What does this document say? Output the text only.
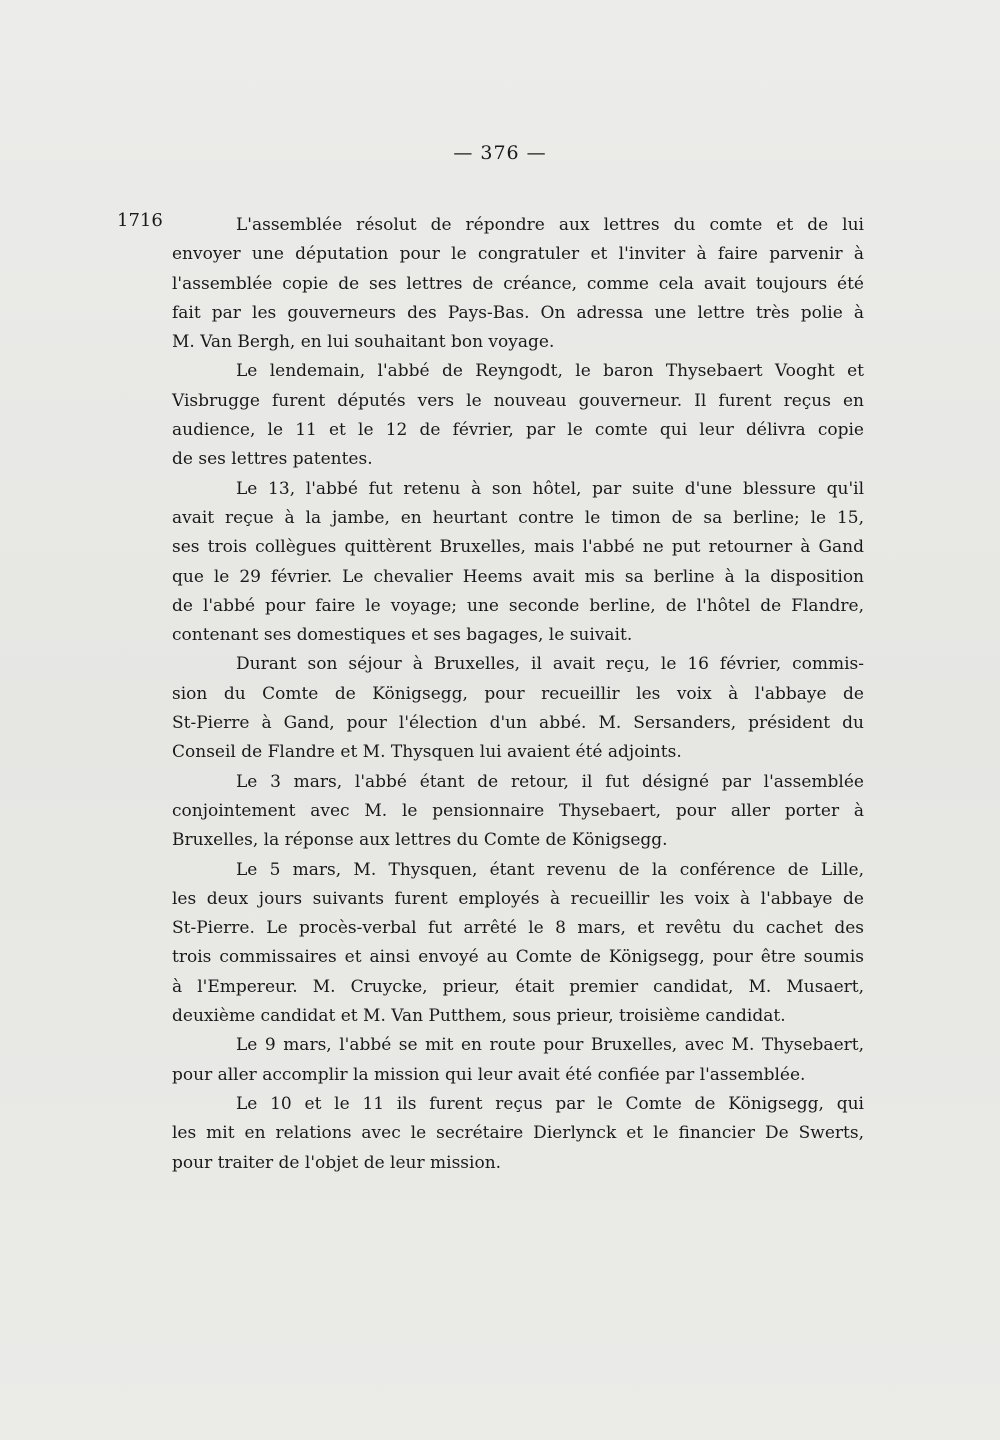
— 376 —
1716	L'assemblée résolut de répondre aux lettres du comte et de lui
envoyer une députation pour le congratuler et l'inviter à faire parvenir à
l'assemblée copie de ses lettres de créance, comme cela avait toujours été
fait par les gouverneurs des Pays-Bas. On adressa une lettre très polie à
M. Van Bergh, en lui souhaitant bon voyage.
Le lendemain, l'abbé de Reyngodt, le baron Thysebaert Vooght et
Visbrugge furent députés vers le nouveau gouverneur. Il furent reçus en
audience, le 11 et le 12 de février, par le comte qui leur délivra copie
de ses lettres patentes.
Le 13, l'abbé fut retenu à son hôtel, par suite d'une blessure qu'il
avait reçue à la jambe, en heurtant contre le timon de sa berline; le 15,
ses trois collègues quittèrent Bruxelles, mais l'abbé ne put retourner à Gand
que le 29 février. Le chevalier Heems avait mis sa berline à la disposition
de l'abbé pour faire le voyage; une seconde berline, de l'hôtel de Flandre,
contenant ses domestiques et ses bagages, le suivait.
Durant son séjour à Bruxelles, il avait reçu, le 16 février, commis-
sion du Comte de Königsegg, pour recueillir les voix à l'abbaye de
St-Pierre à Gand, pour l'élection d'un abbé. M. Sersanders, président du
Conseil de Flandre et M. Thysquen lui avaient été adjoints.
Le 3 mars, l'abbé étant de retour, il fut désigné par l'assemblée
conjointement avec M. le pensionnaire Thysebaert, pour aller porter à
Bruxelles, la réponse aux lettres du Comte de Königsegg.
Le 5 mars, M. Thysquen, étant revenu de la conférence de Lille,
les deux jours suivants furent employés à recueillir les voix à l'abbaye de
St-Pierre. Le procès-verbal fut arrêté le 8 mars, et revêtu du cachet des
trois commissaires et ainsi envoyé au Comte de Königsegg, pour être soumis
à l'Empereur. M. Cruycke, prieur, était premier candidat, M. Musaert,
deuxième candidat et M. Van Putthem, sous prieur, troisième candidat.
Le 9 mars, l'abbé se mit en route pour Bruxelles, avec M. Thysebaert,
pour aller accomplir la mission qui leur avait été confiée par l'assemblée.
Le 10 et le 11 ils furent reçus par le Comte de Königsegg, qui
les mit en relations avec le secrétaire Dierlynck et le financier De Swerts,
pour traiter de l'objet de leur mission.
